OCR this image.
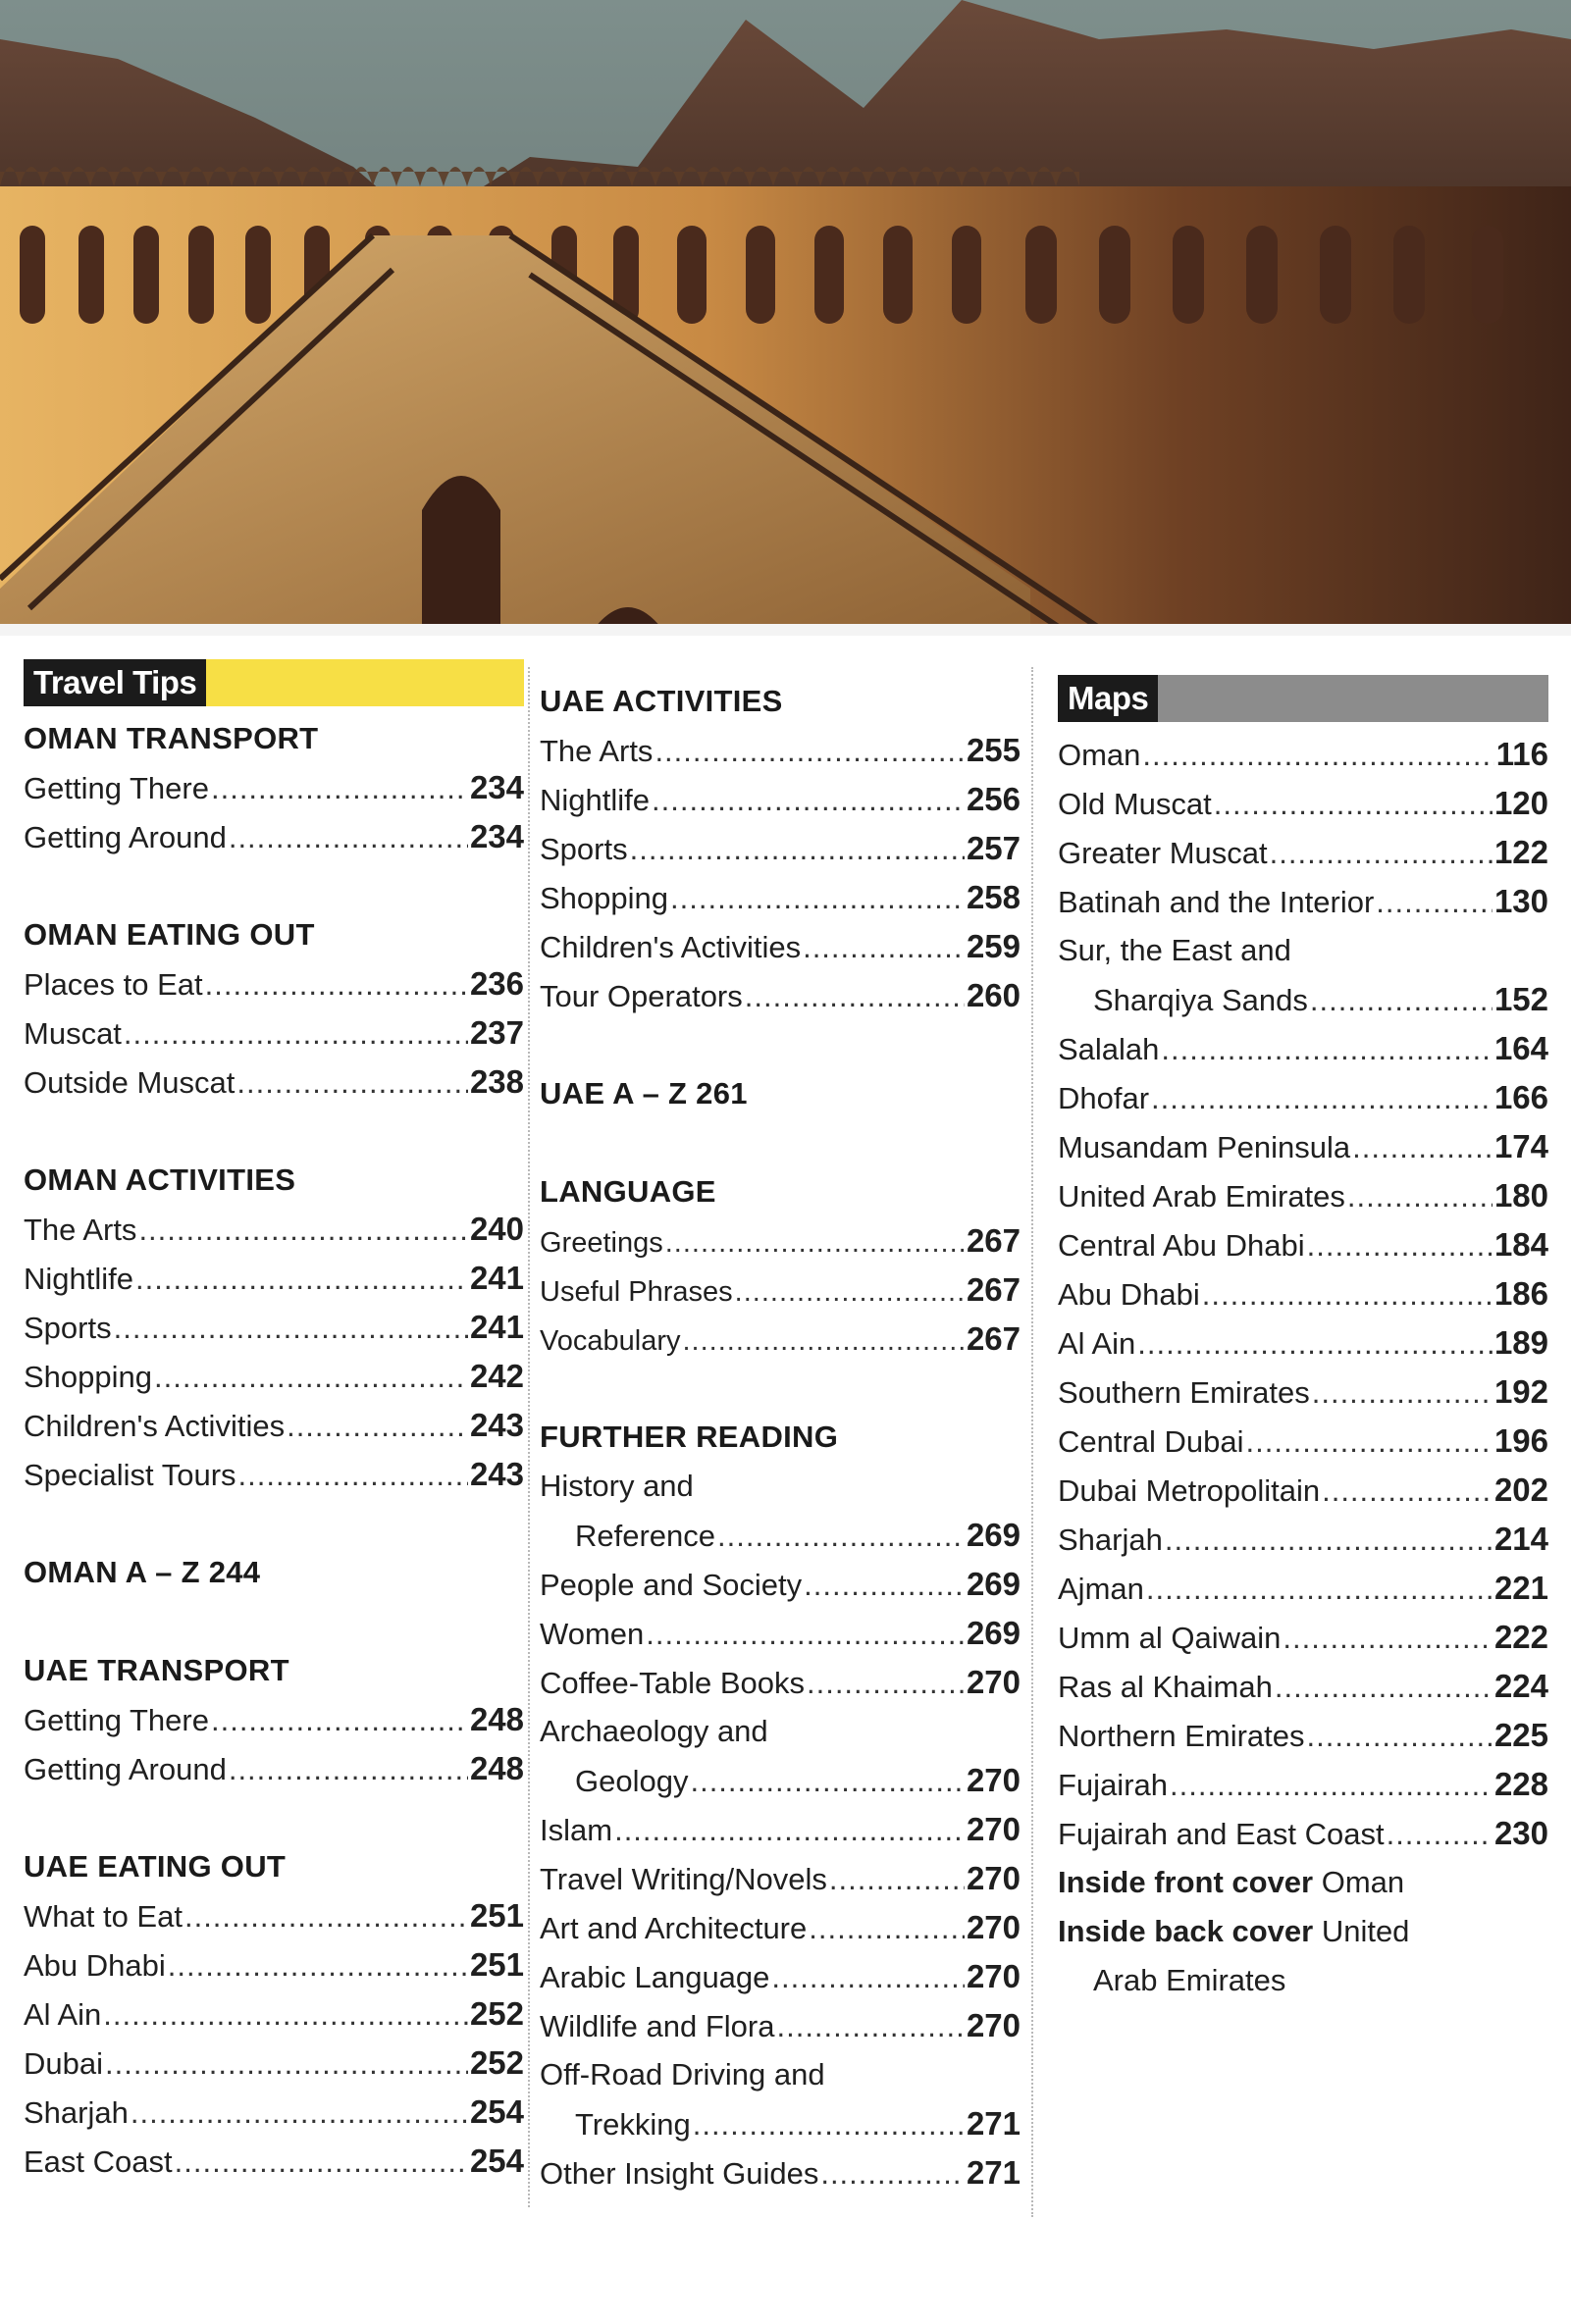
Travel Tips
OMAN TRANSPORT
Getting There .....	234
Getting Around .....	234
OMAN EATING OUT
Places to Eat .....	236
Muscat .....	237
Outside Muscat .....	238
OMAN ACTIVITIES
The Arts .....	240
Nightlife .....	241
Sports .....	241
Shopping .....	242
Children's Activities .....	243
Specialist Tours .....	243
OMAN A – Z 244
UAE TRANSPORT
Getting There .....	248
Getting Around .....	248
UAE EATING OUT
What to Eat .....	251
Abu Dhabi .....	251
Al Ain .....	252
Dubai .....	252
Sharjah .....	254
East Coast .....	254
UAE ACTIVITIES
The Arts .....	255
Nightlife .....	256
Sports .....	257
Shopping .....	258
Children's Activities .....	259
Tour Operators .....	260
UAE A – Z 261
LANGUAGE
Greetings .....	267
Useful Phrases .....	267
Vocabulary .....	267
FURTHER READING
History and
Reference .....	269
People and Society .....	269
Women .....	269
Coffee-Table Books .....	270
Archaeology and
Geology .....	270
Islam .....	270
Travel Writing/Novels .....	270
Art and Architecture .....	270
Arabic Language .....	270
Wildlife and Flora .....	270
Off-Road Driving and
Trekking .....	271
Other Insight Guides .....	271
Maps
Oman .....	116
Old Muscat .....	120
Greater Muscat .....	122
Batinah and the Interior .....	130
Sur, the East and
Sharqiya Sands .....	152
Salalah .....	164
Dhofar .....	166
Musandam Peninsula .....	174
United Arab Emirates .....	180
Central Abu Dhabi .....	184
Abu Dhabi .....	186
Al Ain .....	189
Southern Emirates .....	192
Central Dubai .....	196
Dubai Metropolitain .....	202
Sharjah .....	214
Ajman .....	221
Umm al Qaiwain .....	222
Ras al Khaimah .....	224
Northern Emirates .....	225
Fujairah .....	228
Fujairah and East Coast .....	230
Inside front cover Oman
Inside back cover United
Arab Emirates
